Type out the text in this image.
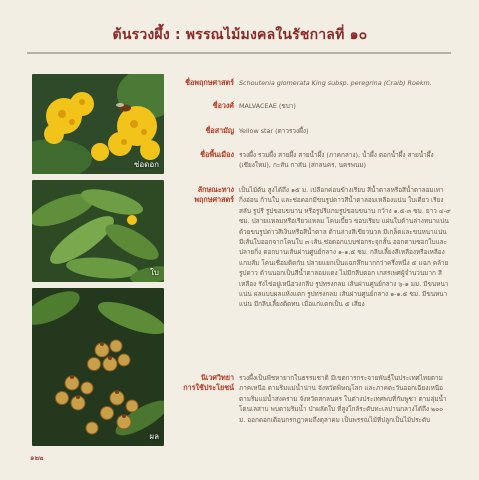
ต้นรวงผึ้ง : พรรณไม้มงคลในรัชกาลที่ ๑๐
ช่อดอก
ใบ
ผล
ชื่อพฤกษศาสตร์ Schoutenia glomerata King subsp. peregrina (Craib) Roekm.
ชื่อวงศ์ MALVACEAE (ชบา)
ชื่อสามัญ Yellow star (ดาวรวงผึ้ง)
ชื่อพื้นเมือง รวงผึ้ง รวมผึ้ง สายผึ้ง สายน้ำผึ้ง (ภาคกลาง), น้ำผึ้ง ดอกน้ำผึ้ง สายน้ำผึ้ง (เชียงใหม่), กะสัน กาสัน (สกลนคร, นครพนม)
ลักษณะทาง
พฤกษศาสตร์
เป็นไม้ต้น สูงได้ถึง ๑๕ ม. เปลือกค่อนข้างเรียบ สีน้ำตาลหรือสีน้ำตาลอมเทา กิ่งอ่อน ก้านใบ และช่อดอกมีขนรูปดาวสีน้ำตาลอมเหลืองแน่น ใบเดี่ยว เรียงสลับ รูปรี รูปขอบขนาน หรือรูปรีแกมรูปขอบขนาน กว้าง ๑.๕-๓ ซม. ยาว ๔-๙ ซม. ปลายแหลมหรือเรียวแหลม โคนเบี้ยว ขอบเรียบ แผ่นใบด้านล่างหนาแน่นด้วยขนรูปดาวสีเงินหรือสีน้ำตาล ด้านล่างสีเขียวนวล มีเกล็ดและขนหนาแน่น มีเส้นใบออกจากโคนใบ ๓ เส้น ช่อดอกแบบช่อกระจุกสั้น ออกตามซอกใบและปลายกิ่ง ดอกบานเส้นผ่านศูนย์กลาง ๑-๑.๕ ซม. กลีบเลี้ยงสีเหลืองหรือเหลืองแกมส้ม โคนเชื่อมติดกัน ปลายแยกเป็นแฉกลึกมากกว่าครึ่งหนึ่ง ๕ แฉก คล้ายรูปดาว ด้านนอกเป็นสีน้ำตาลอมแดง ไม่มีกลีบดอก เกสรเพศผู้จำนวนมาก สีเหลือง รังไข่อยู่เหนือวงกลีบ รูปทรงกลม เส้นผ่านศูนย์กลาง ๖-๑ มม. มีขนหนาแน่น ผลแบบผลแห้งแตก รูปทรงกลม เส้นผ่านศูนย์กลาง ๑-๑.๕ ซม. มีขนหนาแน่น มีกลีบเลี้ยงติดทน เมื่อแก่แตกเป็น ๕ เสี่ยง
นิเวศวิทยา
การใช้ประโยชน์
รวงผึ้งเป็นพืชหายากในธรรมชาติ มีเขตการกระจายพันธุ์ในประเทศไทยตามภาคเหนือ ตามริมแม่น้ำน่าน จังหวัดพิษณุโลก และภาคตะวันออกเฉียงเหนือ ตามริมแม่น้ำสงคราม จังหวัดสกลนคร ในต่างประเทศพบที่กัมพูชา ตามลุ่มน้ำโตนเลสาบ พบตามริมน้ำ ป่าผลัดใบ ที่สูงใกล้ระดับทะเลปานกลางได้ถึง ๒๐๐ ม. ออกดอกเดือนกรกฎาคมถึงตุลาคม เป็นพรรณไม้ที่ปลูกเป็นไม้ประดับ
๑๒๒
